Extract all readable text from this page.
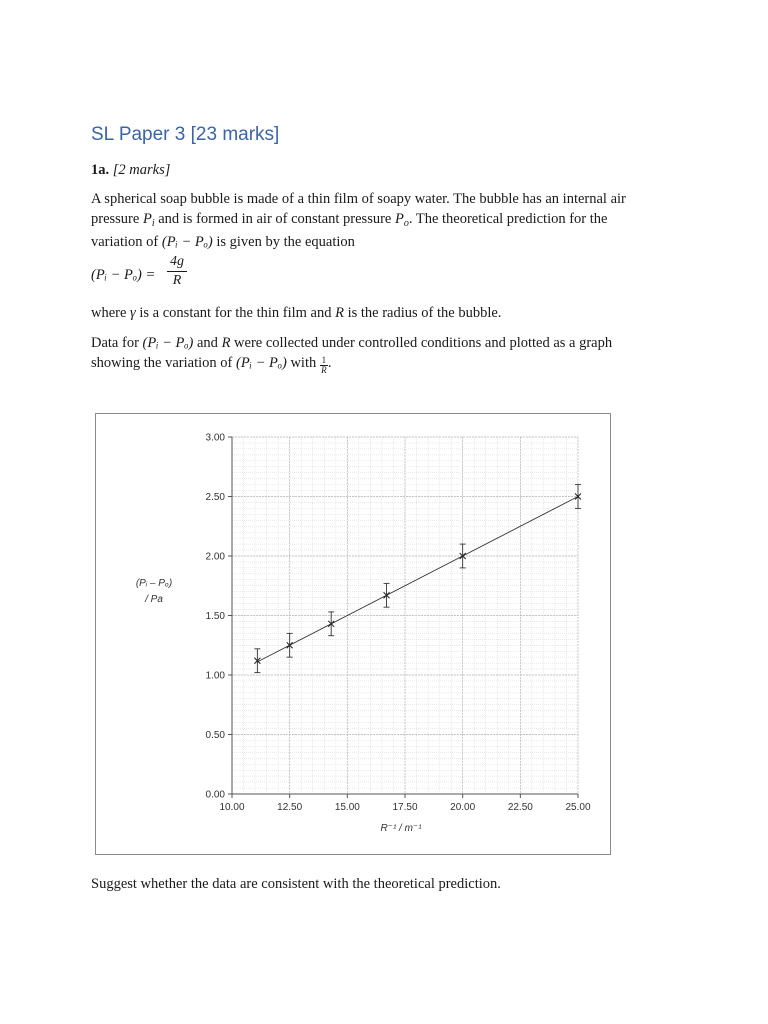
SL Paper 3 [23 marks]
1a. [2 marks]
A spherical soap bubble is made of a thin film of soapy water. The bubble has an internal air
pressure $P_i$ and is formed in air of constant pressure $P_o$. The theoretical prediction for the
variation of (Pᵢ − Pₒ) is given by the equation
(Pᵢ − Pₒ) =
4g
R
where γ is a constant for the thin film and R is the radius of the bubble.
Data for (Pᵢ − Pₒ) and R were collected under controlled conditions and plotted as a graph
showing the variation of (Pᵢ − Pₒ) with $\frac{1}{R}$ .
10.00	12.50	15.00	17.50	20.00	22.50	25.00
0.00
0.50
1.00
1.50
2.00
2.50
3.00
(Pᵢ – Pₒ)
/ Pa
R⁻¹ / m⁻¹
Suggest whether the data are consistent with the theoretical prediction.
